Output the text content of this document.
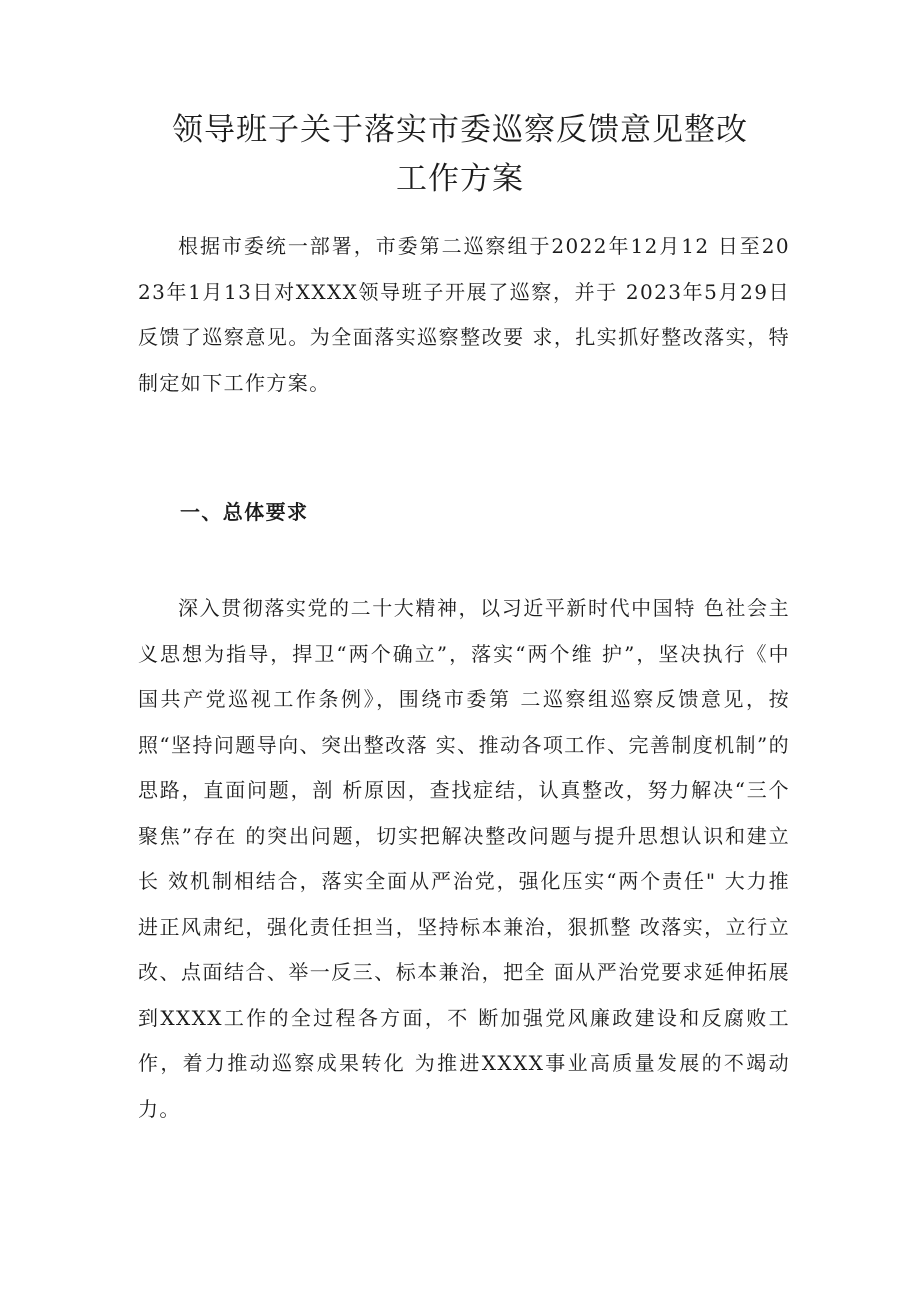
领导班子关于落实市委巡察反馈意见整改
工作方案

根据市委统一部署，市委第二巡察组于2022年12月12 日至2023年1月13日对XXXX领导班子开展了巡察，并于 2023年5月29日反馈了巡察意见。为全面落实巡察整改要 求，扎实抓好整改落实，特制定如下工作方案。

一、总体要求

深入贯彻落实党的二十大精神，以习近平新时代中国特 色社会主义思想为指导，捍卫“两个确立”，落实“两个维 护”，坚决执行《中国共产党巡视工作条例》，围绕市委第 二巡察组巡察反馈意见，按照“坚持问题导向、突出整改落 实、推动各项工作、完善制度机制”的思路，直面问题，剖 析原因，查找症结，认真整改，努力解决“三个聚焦”存在 的突出问题，切实把解决整改问题与提升思想认识和建立长 效机制相结合，落实全面从严治党，强化压实“两个责任" 大力推进正风肃纪，强化责任担当，坚持标本兼治，狠抓整 改落实，立行立改、点面结合、举一反三、标本兼治，把全 面从严治党要求延伸拓展到XXXX工作的全过程各方面，不 断加强党风廉政建设和反腐败工作，着力推动巡察成果转化 为推进XXXX事业高质量发展的不竭动力。
